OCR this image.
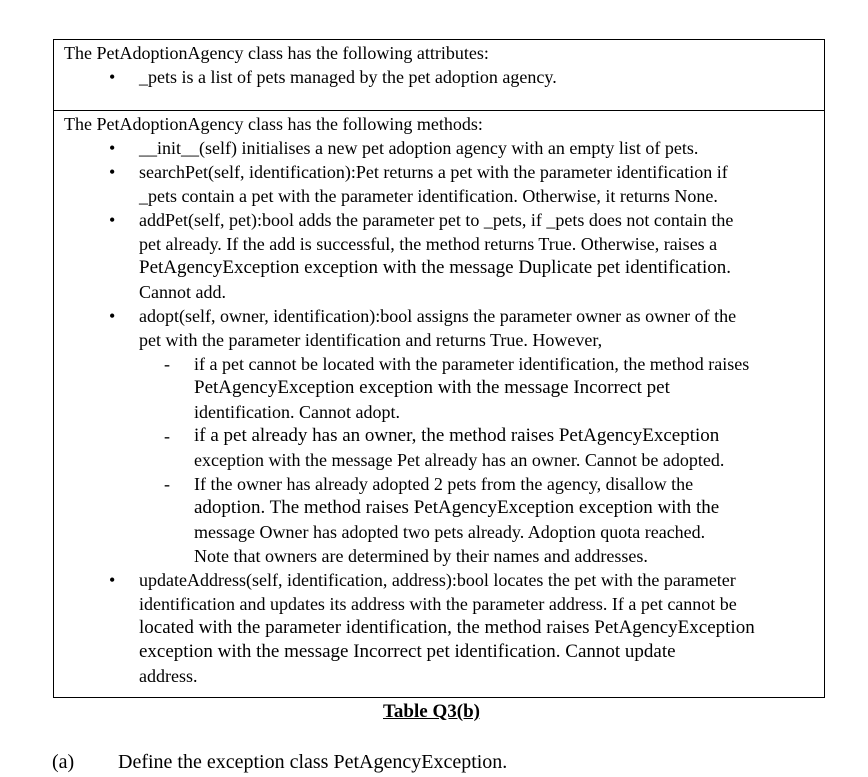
The PetAdoptionAgency class has the following attributes:
• _pets is a list of pets managed by the pet adoption agency.
The PetAdoptionAgency class has the following methods:
• __init__(self) initialises a new pet adoption agency with an empty list of pets.
• searchPet(self, identification):Pet returns a pet with the parameter identification if
_pets contain a pet with the parameter identification. Otherwise, it returns None.
• addPet(self, pet):bool adds the parameter pet to _pets, if _pets does not contain the
pet already. If the add is successful, the method returns True. Otherwise, raises a
PetAgencyException exception with the message Duplicate pet identification.
Cannot add.
• adopt(self, owner, identification):bool assigns the parameter owner as owner of the
pet with the parameter identification and returns True. However,
- if a pet cannot be located with the parameter identification, the method raises
PetAgencyException exception with the message Incorrect pet
identification. Cannot adopt.
- if a pet already has an owner, the method raises PetAgencyException
exception with the message Pet already has an owner. Cannot be adopted.
- If the owner has already adopted 2 pets from the agency, disallow the
adoption. The method raises PetAgencyException exception with the
message Owner has adopted two pets already. Adoption quota reached.
Note that owners are determined by their names and addresses.
• updateAddress(self, identification, address):bool locates the pet with the parameter
identification and updates its address with the parameter address. If a pet cannot be
located with the parameter identification, the method raises PetAgencyException
exception with the message Incorrect pet identification. Cannot update
address.
Table Q3(b)
(a) Define the exception class PetAgencyException.
